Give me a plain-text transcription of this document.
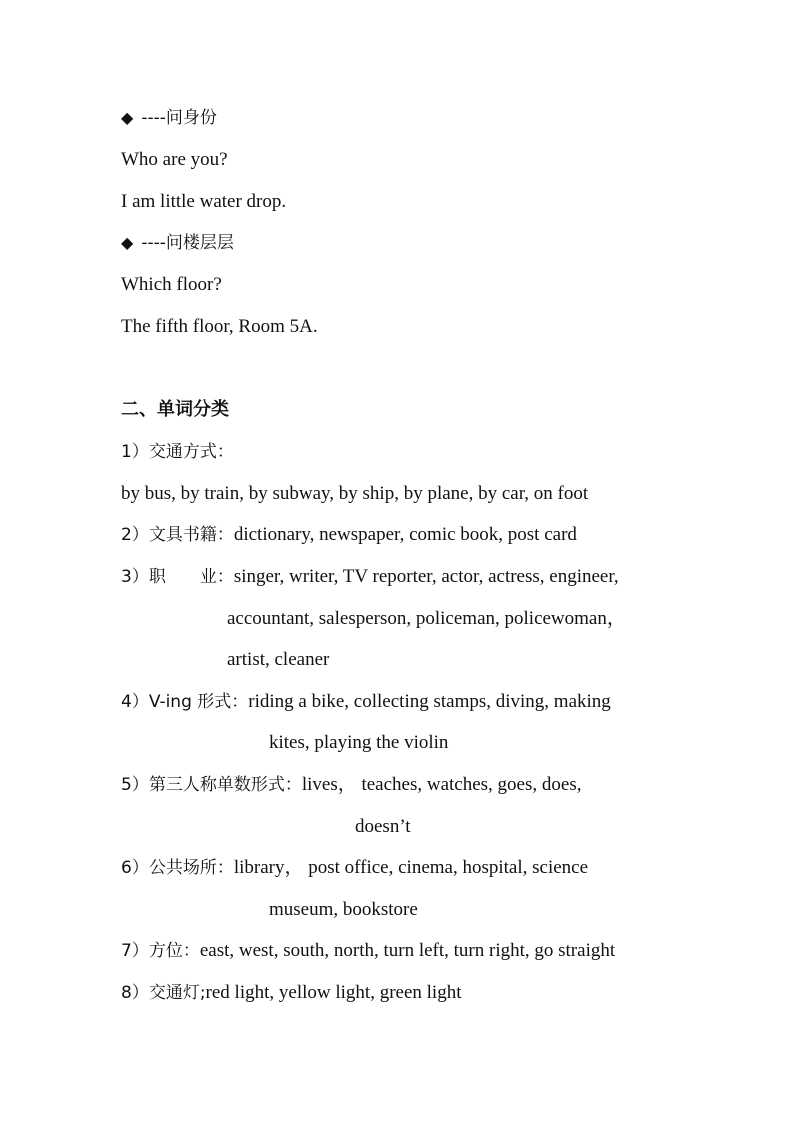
◆ ----问身份
Who are you?
I am little water drop.
◆ ----问楼层层
Which floor?
The fifth floor, Room 5A.
二、单词分类
1）交通方式：
by bus, by train, by subway, by ship, by plane, by car, on foot
2）文具书籍：dictionary, newspaper, comic book, post card
3）职　　业：singer, writer, TV reporter, actor, actress, engineer,
accountant, salesperson, policeman, policewoman，
artist, cleaner
4）V-ing 形式：riding a bike, collecting stamps, diving, making
kites, playing the violin
5）第三人称单数形式：lives， teaches, watches, goes, does,
doesn’t
6）公共场所：library， post office, cinema, hospital, science
museum, bookstore
7）方位：east, west, south, north, turn left, turn right, go straight
8）交通灯;red light, yellow light, green light
